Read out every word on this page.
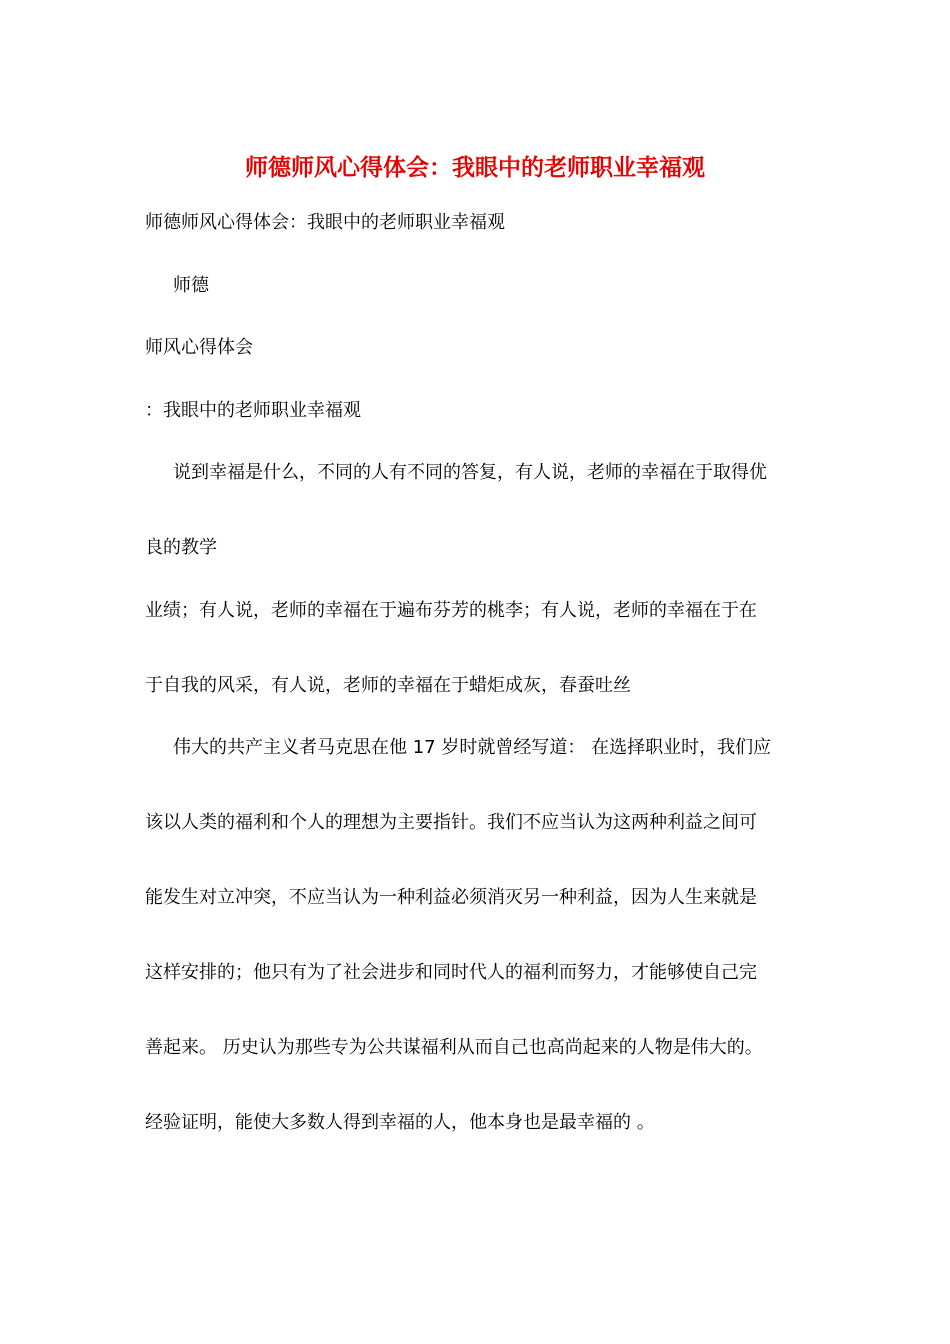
师德师风心得体会：我眼中的老师职业幸福观
师德师风心得体会：我眼中的老师职业幸福观
师德
师风心得体会
：我眼中的老师职业幸福观
说到幸福是什么，不同的人有不同的答复，有人说，老师的幸福在于取得优
良的教学
业绩；有人说，老师的幸福在于遍布芬芳的桃李；有人说，老师的幸福在于在
于自我的风采，有人说，老师的幸福在于蜡炬成灰，春蚕吐丝
伟大的共产主义者马克思在他 17 岁时就曾经写道： 在选择职业时，我们应
该以人类的福利和个人的理想为主要指针。我们不应当认为这两种利益之间可
能发生对立冲突，不应当认为一种利益必须消灭另一种利益，因为人生来就是
这样安排的；他只有为了社会进步和同时代人的福利而努力，才能够使自己完
善起来。 历史认为那些专为公共谋福利从而自己也高尚起来的人物是伟大的。
经验证明，能使大多数人得到幸福的人，他本身也是最幸福的 。
